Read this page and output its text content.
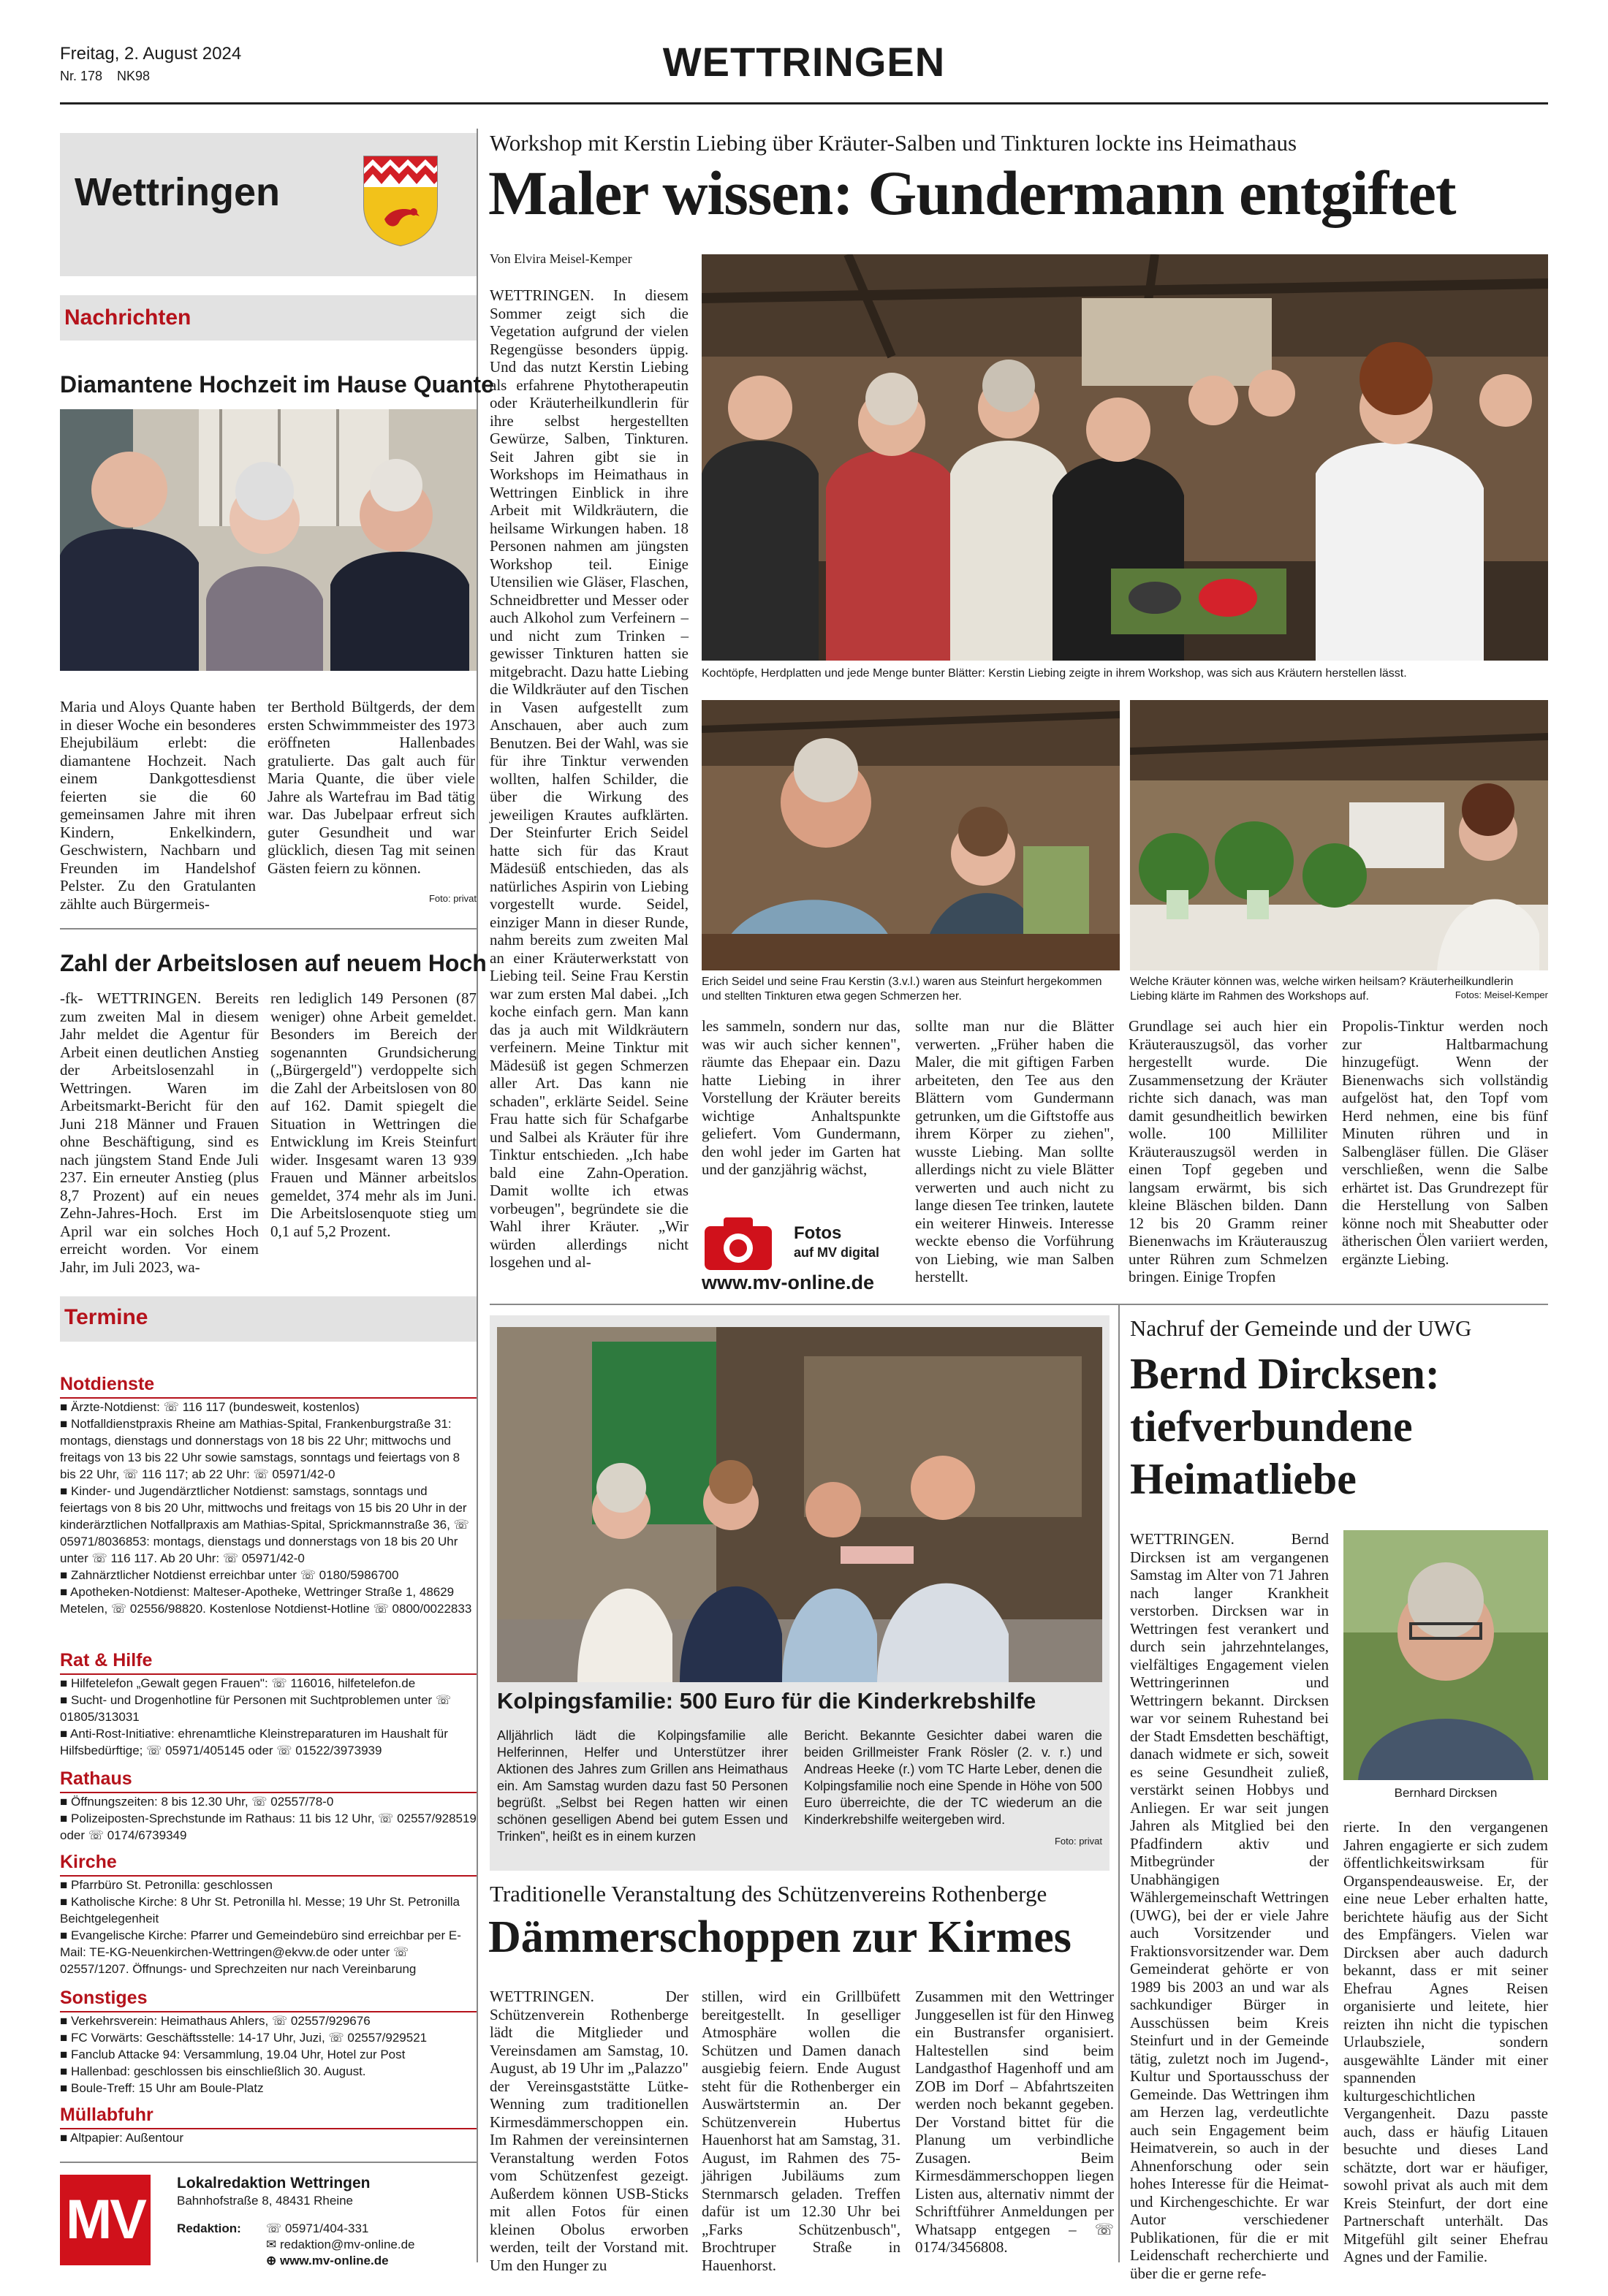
Freitag, 2. August 2024
Nr. 178    NK98	WETTRINGEN
Wettringen
Nachrichten
Diamantene Hochzeit im Hause Quante
Maria und Aloys Quante haben in dieser Woche ein besonderes Ehejubiläum erlebt: die diamantene Hochzeit. Nach einem Dankgottesdienst feierten sie die 60 gemeinsamen Jahre mit ihren Kindern, Enkelkindern, Geschwistern, Nachbarn und Freunden im Handelshof Pelster. Zu den Gratulanten zählte auch Bürgermeis-
ter Berthold Bültgerds, der dem ersten Schwimmmeister des 1973 eröffneten Hallenbades gratulierte. Das galt auch für Maria Quante, die über viele Jahre als Wartefrau im Bad tätig war. Das Jubelpaar erfreut sich guter Gesundheit und war glücklich, diesen Tag mit seinen Gästen feiern zu können.
Foto: privat
Zahl der Arbeitslosen auf neuem Hoch
-fk- WETTRINGEN. Bereits zum zweiten Mal in diesem Jahr meldet die Agentur für Arbeit einen deutlichen Anstieg der Arbeitslosenzahl in Wettringen. Waren im Arbeitsmarkt-Bericht für den Juni 218 Männer und Frauen ohne Beschäftigung, sind es nach jüngstem Stand Ende Juli 237. Ein erneuter Anstieg (plus 8,7 Prozent) auf ein neues Zehn-Jahres-Hoch. Erst im April war ein solches Hoch erreicht worden. Vor einem Jahr, im Juli 2023, wa-
ren lediglich 149 Personen (87 weniger) ohne Arbeit gemeldet. Besonders im Bereich der sogenannten Grundsicherung („Bürgergeld") verdoppelte sich die Zahl der Arbeitslosen von 80 auf 162. Damit spiegelt die Situation in Wettringen die Entwicklung im Kreis Steinfurt wider. Insgesamt waren 13 939 Frauen und Männer arbeitslos gemeldet, 374 mehr als im Juni. Die Arbeitslosenquote stieg um 0,1 auf 5,2 Prozent.
Termine
Notdienste
■ Ärzte-Notdienst: ☏ 116 117 (bundesweit, kostenlos)
■ Notfalldienstpraxis Rheine am Mathias-Spital, Frankenburgstraße 31: montags, dienstags und donnerstags von 18 bis 22 Uhr; mittwochs und freitags von 13 bis 22 Uhr sowie samstags, sonntags und feiertags von 8 bis 22 Uhr, ☏ 116 117; ab 22 Uhr: ☏ 05971/42-0
■ Kinder- und Jugendärztlicher Notdienst: samstags, sonntags und feiertags von 8 bis 20 Uhr, mittwochs und freitags von 15 bis 20 Uhr in der kinderärztlichen Notfallpraxis am Mathias-Spital, Sprickmannstraße 36, ☏ 05971/8036853: montags, dienstags und donnerstags von 18 bis 20 Uhr unter ☏ 116 117. Ab 20 Uhr: ☏ 05971/42-0
■ Zahnärztlicher Notdienst erreichbar unter ☏ 0180/5986700
■ Apotheken-Notdienst: Malteser-Apotheke, Wettringer Straße 1, 48629 Metelen, ☏ 02556/98820. Kostenlose Notdienst-Hotline ☏ 0800/0022833
Rat & Hilfe
■ Hilfetelefon „Gewalt gegen Frauen": ☏ 116016, hilfetelefon.de
■ Sucht- und Drogenhotline für Personen mit Suchtproblemen unter ☏ 01805/313031
■ Anti-Rost-Initiative: ehrenamtliche Kleinstreparaturen im Haushalt für Hilfsbedürftige; ☏ 05971/405145 oder ☏ 01522/3973939
Rathaus
■ Öffnungszeiten: 8 bis 12.30 Uhr, ☏ 02557/78-0
■ Polizeiposten-Sprechstunde im Rathaus: 11 bis 12 Uhr, ☏ 02557/928519 oder ☏ 0174/6739349
Kirche
■ Pfarrbüro St. Petronilla: geschlossen
■ Katholische Kirche: 8 Uhr St. Petronilla hl. Messe; 19 Uhr St. Petronilla Beichtgelegenheit
■ Evangelische Kirche: Pfarrer und Gemeindebüro sind erreichbar per E-Mail: TE-KG-Neuenkirchen-Wettringen@ekvw.de oder unter ☏ 02557/1207. Öffnungs- und Sprechzeiten nur nach Vereinbarung
Sonstiges
■ Verkehrsverein: Heimathaus Ahlers, ☏ 02557/929676
■ FC Vorwärts: Geschäftsstelle: 14-17 Uhr, Juzi, ☏ 02557/929521
■ Fanclub Attacke 94: Versammlung, 19.04 Uhr, Hotel zur Post
■ Hallenbad: geschlossen bis einschließlich 30. August.
■ Boule-Treff: 15 Uhr am Boule-Platz
Müllabfuhr
■ Altpapier: Außentour
MV
Lokalredaktion Wettringen
Bahnhofstraße 8, 48431 Rheine
Redaktion: ☏ 05971/404-331
✉ redaktion@mv-online.de
⊕ www.mv-online.de
Workshop mit Kerstin Liebing über Kräuter-Salben und Tinkturen lockte ins Heimathaus
Maler wissen: Gundermann entgiftet
Von Elvira Meisel-Kemper
WETTRINGEN. In diesem Sommer zeigt sich die Vegetation aufgrund der vielen Regengüsse besonders üppig. Und das nutzt Kerstin Liebing als erfahrene Phytotherapeutin oder Kräuterheilkundlerin für ihre selbst hergestellten Gewürze, Salben, Tinkturen. Seit Jahren gibt sie in Workshops im Heimathaus in Wettringen Einblick in ihre Arbeit mit Wildkräutern, die heilsame Wirkungen haben. 18 Personen nahmen am jüngsten Workshop teil. Einige Utensilien wie Gläser, Flaschen, Schneidbretter und Messer oder auch Alkohol zum Verfeinern – und nicht zum Trinken – gewisser Tinkturen hatten sie mitgebracht. Dazu hatte Liebing die Wildkräuter auf den Tischen in Vasen aufgestellt zum Anschauen, aber auch zum Benutzen. Bei der Wahl, was sie für ihre Tinktur verwenden wollten, halfen Schilder, die über die Wirkung des jeweiligen Krautes aufklärten. Der Steinfurter Erich Seidel hatte sich für das Kraut Mädesüß entschieden, das als natürliches Aspirin von Liebing vorgestellt wurde. Seidel, einziger Mann in dieser Runde, nahm bereits zum zweiten Mal an einer Kräuterwerkstatt von Liebing teil. Seine Frau Kerstin war zum ersten Mal dabei. „Ich koche einfach gern. Man kann das ja auch mit Wildkräutern verfeinern. Meine Tinktur mit Mädesüß ist gegen Schmerzen aller Art. Das kann nie schaden", erklärte Seidel. Seine Frau hatte sich für Schafgarbe und Salbei als Kräuter für ihre Tinktur entschieden. „Ich habe bald eine Zahn-Operation. Damit wollte ich etwas vorbeugen", begründete sie die Wahl ihrer Kräuter. „Wir würden allerdings nicht losgehen und al-
Kochtöpfe, Herdplatten und jede Menge bunter Blätter: Kerstin Liebing zeigte in ihrem Workshop, was sich aus Kräutern herstellen lässt.
Erich Seidel und seine Frau Kerstin (3.v.l.) waren aus Steinfurt hergekommen und stellten Tinkturen etwa gegen Schmerzen her.
Welche Kräuter können was, welche wirken heilsam? Kräuterheilkundlerin Liebing klärte im Rahmen des Workshops auf.	Fotos: Meisel-Kemper
les sammeln, sondern nur das, was wir auch sicher kennen", räumte das Ehepaar ein. Dazu hatte Liebing in ihrer Vorstellung der Kräuter bereits wichtige Anhaltspunkte geliefert. Vom Gundermann, den wohl jeder im Garten hat und der ganzjährig wächst,
sollte man nur die Blätter verwerten. „Früher haben die Maler, die mit giftigen Farben arbeiteten, den Tee aus den Blättern vom Gundermann getrunken, um die Giftstoffe aus ihrem Körper zu ziehen", wusste Liebing. Man sollte allerdings nicht zu viele Blätter verwerten und auch nicht zu lange diesen Tee trinken, lautete ein weiterer Hinweis. Interesse weckte ebenso die Vorführung von Liebing, wie man Salben herstellt.
Grundlage sei auch hier ein Kräuterauszugsöl, das vorher hergestellt wurde. Die Zusammensetzung der Kräuter richte sich danach, was man damit gesundheitlich bewirken wolle. 100 Milliliter Kräuterauszugsöl werden in einen Topf gegeben und langsam erwärmt, bis sich kleine Bläschen bilden. Dann 12 bis 20 Gramm reiner Bienenwachs im Kräuterauszug unter Rühren zum Schmelzen bringen. Einige Tropfen
Propolis-Tinktur werden noch zur Haltbarmachung hinzugefügt. Wenn der Bienenwachs sich vollständig aufgelöst hat, den Topf vom Herd nehmen, eine bis fünf Minuten rühren und in Salbengläser füllen. Die Gläser verschließen, wenn die Salbe erhärtet ist. Das Grundrezept für die Herstellung von Salben könne noch mit Sheabutter oder ätherischen Ölen variiert werden, ergänzte Liebing.
Fotos
auf MV digital
www.mv-online.de
Kolpingsfamilie: 500 Euro für die Kinderkrebshilfe
Alljährlich lädt die Kolpingsfamilie alle Helferinnen, Helfer und Unterstützer ihrer Aktionen des Jahres zum Grillen ans Heimathaus ein. Am Samstag wurden dazu fast 50 Personen begrüßt. „Selbst bei Regen hatten wir einen schönen geselligen Abend bei gutem Essen und Trinken", heißt es in einem kurzen
Bericht. Bekannte Gesichter dabei waren die beiden Grillmeister Frank Rösler (2. v. r.) und Andreas Heeke (r.) vom TC Harte Leber, denen die Kolpingsfamilie noch eine Spende in Höhe von 500 Euro überreichte, die der TC wiederum an die Kinderkrebshilfe weitergeben wird.
Foto: privat
Traditionelle Veranstaltung des Schützenvereins Rothenberge
Dämmerschoppen zur Kirmes
WETTRINGEN. Der Schützenverein Rothenberge lädt die Mitglieder und Vereinsdamen am Samstag, 10. August, ab 19 Uhr im „Palazzo" der Vereinsgaststätte Lütke-Wenning zum traditionellen Kirmesdämmerschoppen ein. Im Rahmen der vereinsinternen Veranstaltung werden Fotos vom Schützenfest gezeigt. Außerdem können USB-Sticks mit allen Fotos für einen kleinen Obolus erworben werden, teilt der Vorstand mit. Um den Hunger zu
stillen, wird ein Grillbüfett bereitgestellt. In geselliger Atmosphäre wollen die Schützen und Damen danach ausgiebig feiern. Ende August steht für die Rothenberger ein Auswärtstermin an. Der Schützenverein Hubertus Hauenhorst hat am Samstag, 31. August, im Rahmen des 75-jährigen Jubiläums zum Sternmarsch geladen. Treffen dafür ist um 12.30 Uhr bei „Farks Schützenbusch", Brochtruper Straße in Hauenhorst.
Zusammen mit den Wettringer Junggesellen ist für den Hinweg ein Bustransfer organisiert. Haltestellen sind beim Landgasthof Hagenhoff und am ZOB im Dorf – Abfahrtszeiten werden noch bekannt gegeben. Der Vorstand bittet für die Planung um verbindliche Zusagen. Beim Kirmesdämmerschoppen liegen Listen aus, alternativ nimmt der Schriftführer Anmeldungen per Whatsapp entgegen – ☏ 0174/3456808.
Nachruf der Gemeinde und der UWG
Bernd Dircksen:
tiefverbundene
Heimatliebe
Bernhard Dircksen
WETTRINGEN. Bernd Dircksen ist am vergangenen Samstag im Alter von 71 Jahren nach langer Krankheit verstorben. Dircksen war in Wettringen fest verankert und durch sein jahrzehntelanges, vielfältiges Engagement vielen Wettringerinnen und Wettringern bekannt. Dircksen war vor seinem Ruhestand bei der Stadt Emsdetten beschäftigt, danach widmete er sich, soweit es seine Gesundheit zuließ, verstärkt seinen Hobbys und Anliegen. Er war seit jungen Jahren als Mitglied bei den Pfadfindern aktiv und Mitbegründer der Unabhängigen Wählergemeinschaft Wettringen (UWG), bei der er viele Jahre auch Vorsitzender und Fraktionsvorsitzender war. Dem Gemeinderat gehörte er von 1989 bis 2003 an und war als sachkundiger Bürger in Ausschüssen beim Kreis Steinfurt und in der Gemeinde tätig, zuletzt noch im Jugend-, Kultur und Sportausschuss der Gemeinde. Das Wettringen ihm am Herzen lag, verdeutlichte auch sein Engagement beim Heimatverein, so auch in der Ahnenforschung oder sein hohes Interesse für die Heimat- und Kirchengeschichte. Er war Autor verschiedener Publikationen, für die er mit Leidenschaft recherchierte und über die er gerne refe-
rierte. In den vergangenen Jahren engagierte er sich zudem öffentlichkeitswirksam für Organspendeausweise. Er, der eine neue Leber erhalten hatte, berichtete häufig aus der Sicht des Empfängers. Vielen war Dircksen aber auch dadurch bekannt, dass er mit seiner Ehefrau Agnes Reisen organisierte und leitete, hier reizten ihn nicht die typischen Urlaubsziele, sondern ausgewählte Länder mit einer spannenden kulturgeschichtlichen Vergangenheit. Dazu passte auch, dass er häufig Litauen besuchte und dieses Land schätzte, dort war er häufiger, sowohl privat als auch mit dem Kreis Steinfurt, der dort eine Partnerschaft unterhält. Das Mitgefühl gilt seiner Ehefrau Agnes und der Familie.
